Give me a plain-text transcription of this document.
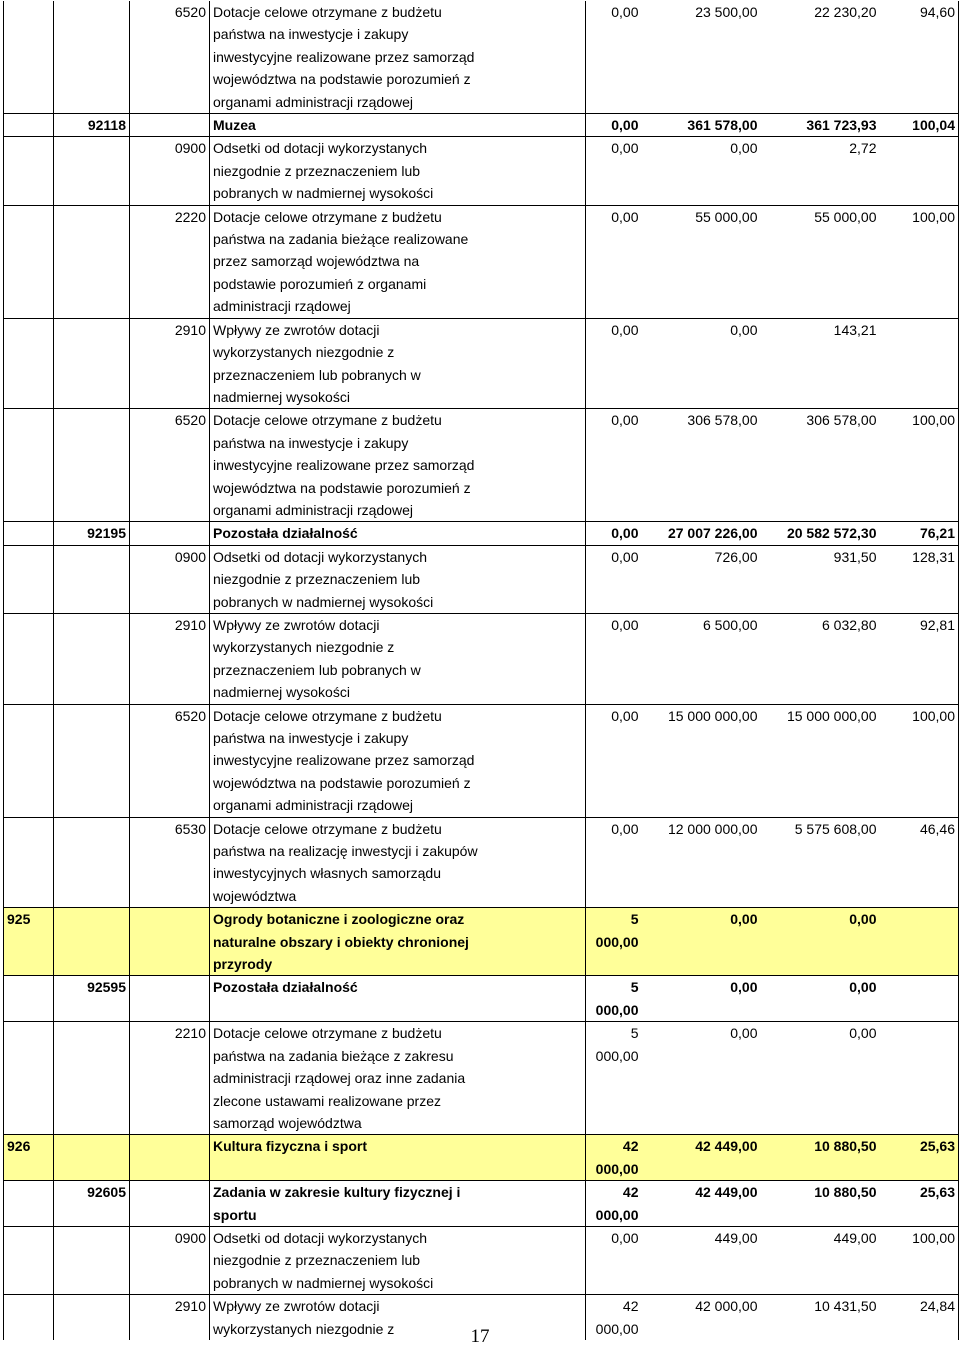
		6520	Dotacje celowe otrzymane z budżetu
państwa na inwestycje i zakupy
inwestycyjne realizowane przez samorząd
województwa na podstawie porozumień z
organami administracji rządowej	0,00	23 500,00	22 230,20	94,60
	92118		Muzea	0,00	361 578,00	361 723,93	100,04
		0900	Odsetki od dotacji wykorzystanych
niezgodnie z przeznaczeniem lub
pobranych w nadmiernej wysokości	0,00	0,00	2,72	
		2220	Dotacje celowe otrzymane z budżetu
państwa na zadania bieżące realizowane
przez samorząd województwa na
podstawie porozumień z organami
administracji rządowej	0,00	55 000,00	55 000,00	100,00
		2910	Wpływy ze zwrotów dotacji
wykorzystanych niezgodnie z
przeznaczeniem lub pobranych w
nadmiernej wysokości	0,00	0,00	143,21	
		6520	Dotacje celowe otrzymane z budżetu
państwa na inwestycje i zakupy
inwestycyjne realizowane przez samorząd
województwa na podstawie porozumień z
organami administracji rządowej	0,00	306 578,00	306 578,00	100,00
	92195		Pozostała działalność	0,00	27 007 226,00	20 582 572,30	76,21
		0900	Odsetki od dotacji wykorzystanych
niezgodnie z przeznaczeniem lub
pobranych w nadmiernej wysokości	0,00	726,00	931,50	128,31
		2910	Wpływy ze zwrotów dotacji
wykorzystanych niezgodnie z
przeznaczeniem lub pobranych w
nadmiernej wysokości	0,00	6 500,00	6 032,80	92,81
		6520	Dotacje celowe otrzymane z budżetu
państwa na inwestycje i zakupy
inwestycyjne realizowane przez samorząd
województwa na podstawie porozumień z
organami administracji rządowej	0,00	15 000 000,00	15 000 000,00	100,00
		6530	Dotacje celowe otrzymane z budżetu
państwa na realizację inwestycji i zakupów
inwestycyjnych własnych samorządu
województwa	0,00	12 000 000,00	5 575 608,00	46,46
925			Ogrody botaniczne i zoologiczne oraz
naturalne obszary i obiekty chronionej
przyrody	5 000,00	0,00	0,00	
	92595		Pozostała działalność	5 000,00	0,00	0,00	
		2210	Dotacje celowe otrzymane z budżetu
państwa na zadania bieżące z zakresu
administracji rządowej oraz inne zadania
zlecone ustawami realizowane przez
samorząd województwa	5 000,00	0,00	0,00	
926			Kultura fizyczna i sport	42 000,00	42 449,00	10 880,50	25,63
	92605		Zadania w zakresie kultury fizycznej i
sportu	42 000,00	42 449,00	10 880,50	25,63
		0900	Odsetki od dotacji wykorzystanych
niezgodnie z przeznaczeniem lub
pobranych w nadmiernej wysokości	0,00	449,00	449,00	100,00
		2910	Wpływy ze zwrotów dotacji
wykorzystanych niezgodnie z	42 000,00	42 000,00	10 431,50	24,84
17
